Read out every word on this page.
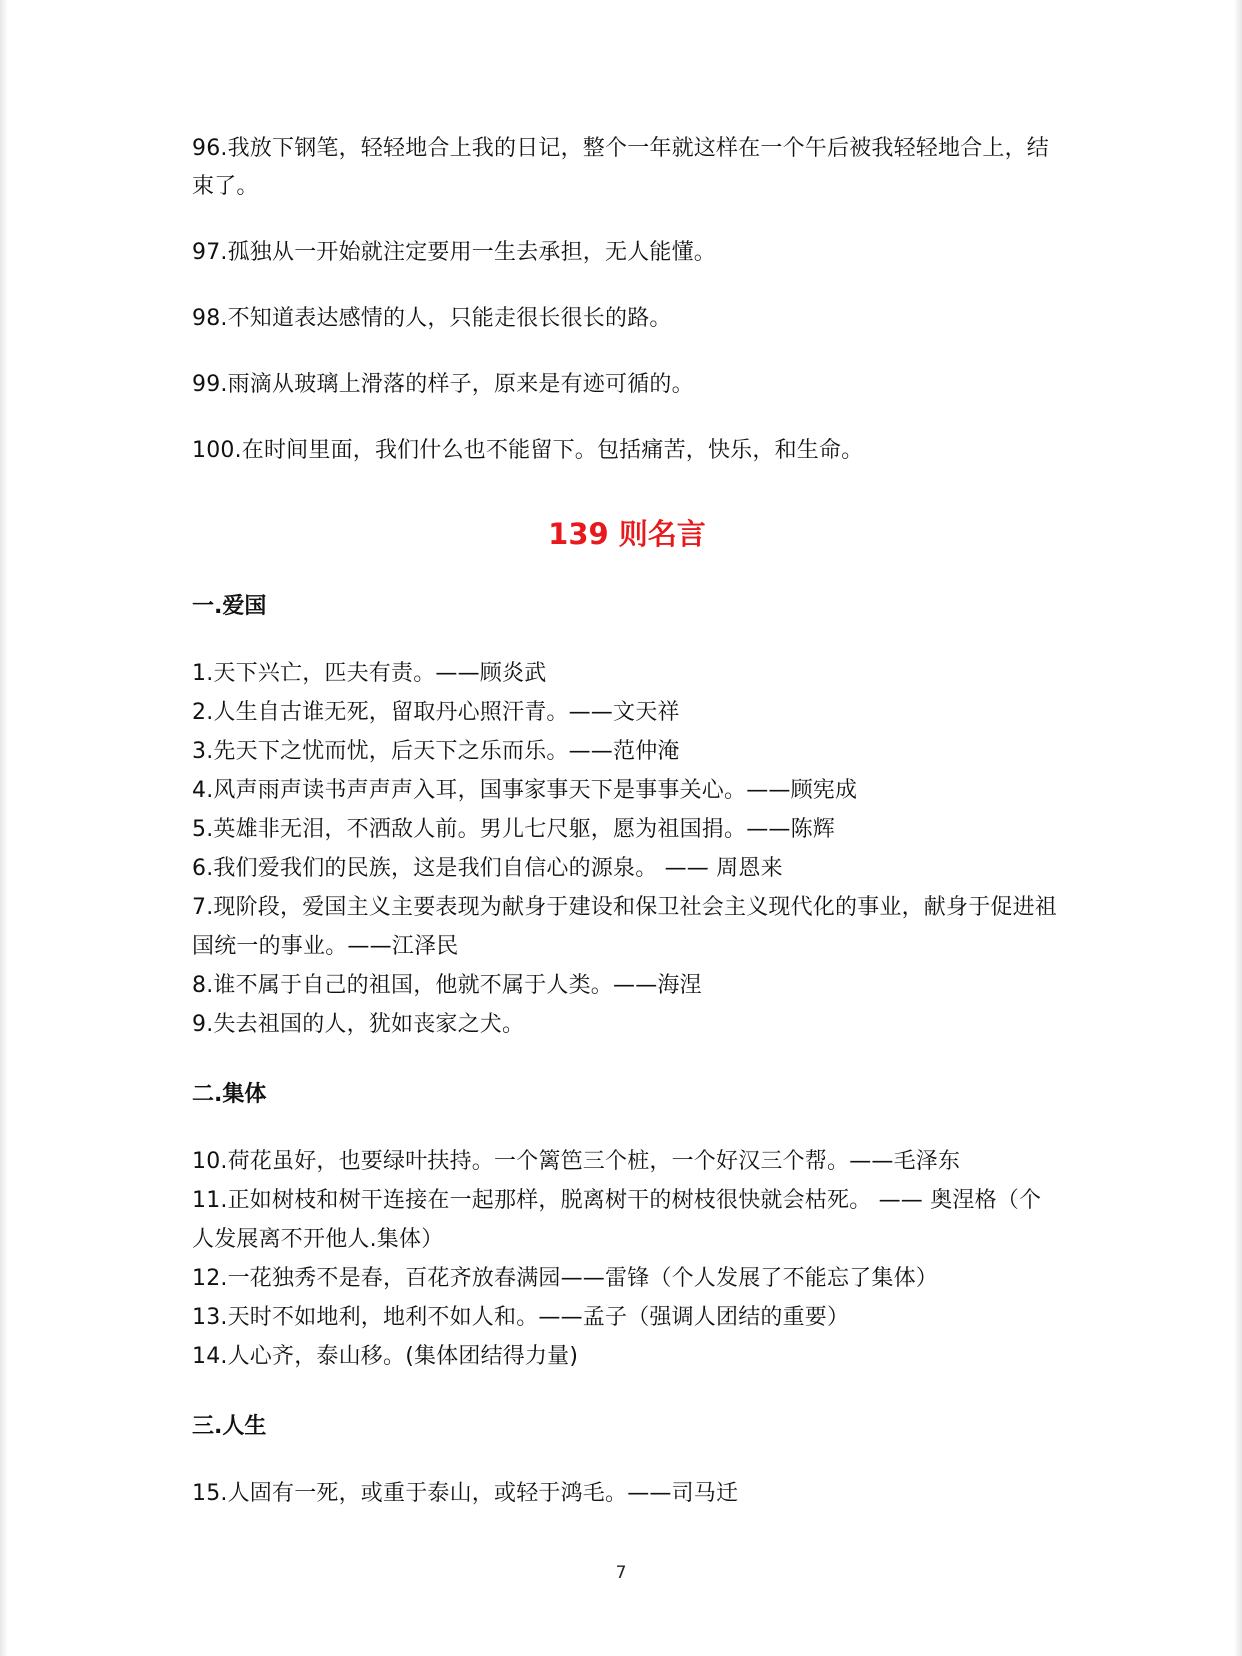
96.我放下钢笔，轻轻地合上我的日记，整个一年就这样在一个午后被我轻轻地合上，结束了。

97.孤独从一开始就注定要用一生去承担，无人能懂。

98.不知道表达感情的人，只能走很长很长的路。

99.雨滴从玻璃上滑落的样子，原来是有迹可循的。

100.在时间里面，我们什么也不能留下。包括痛苦，快乐，和生命。

139 则名言
一.爱国
1.天下兴亡，匹夫有责。——顾炎武
2.人生自古谁无死，留取丹心照汗青。——文天祥
3.先天下之忧而忧，后天下之乐而乐。——范仲淹
4.风声雨声读书声声声入耳，国事家事天下是事事关心。——顾宪成
5.英雄非无泪，不洒敌人前。男儿七尺躯，愿为祖国捐。——陈辉
6.我们爱我们的民族，这是我们自信心的源泉。 —— 周恩来
7.现阶段，爱国主义主要表现为献身于建设和保卫社会主义现代化的事业，献身于促进祖国统一的事业。——江泽民
8.谁不属于自己的祖国，他就不属于人类。——海涅
9.失去祖国的人，犹如丧家之犬。
二.集体
10.荷花虽好，也要绿叶扶持。一个篱笆三个桩，一个好汉三个帮。——毛泽东
11.正如树枝和树干连接在一起那样，脱离树干的树枝很快就会枯死。 —— 奥涅格（个人发展离不开他人.集体）
12.一花独秀不是春，百花齐放春满园——雷锋（个人发展了不能忘了集体）
13.天时不如地利，地利不如人和。——孟子（强调人团结的重要）
14.人心齐，泰山移。(集体团结得力量)
三.人生
15.人固有一死，或重于泰山，或轻于鸿毛。——司马迁
7
